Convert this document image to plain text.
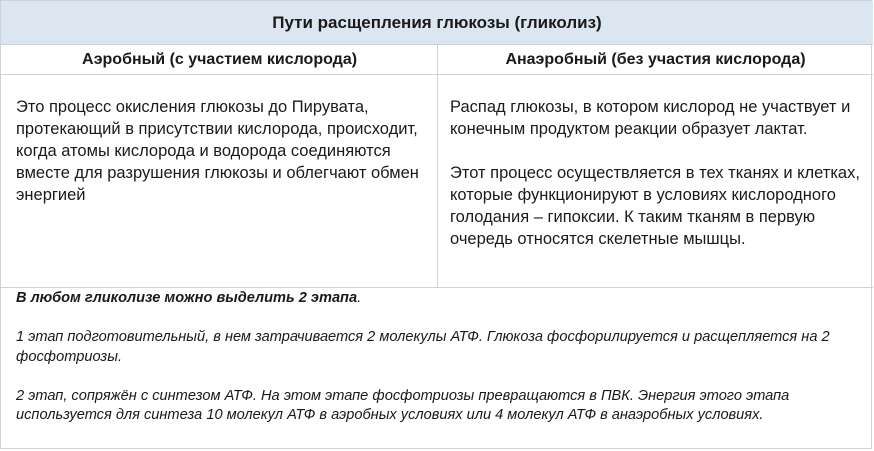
Пути расщепления глюкозы (гликолиз)
Аэробный (с участием кислорода)	Анаэробный (без участия кислорода)
Это процесс окисления глюкозы до Пирувата, протекающий в присутствии кислорода, происходит, когда атомы кислорода и водорода соединяются вместе для разрушения глюкозы и облегчают обмен энергией

Распад глюкозы, в котором кислород не участвует и конечным продуктом реакции образует лактат.

Этот процесс осуществляется в тех тканях и клетках, которые функционируют в условиях кислородного голодания – гипоксии. К таким тканям в первую очередь относятся скелетные мышцы.

В любом гликолизе можно выделить 2 этапа.

1 этап подготовительный, в нем затрачивается 2 молекулы АТФ. Глюкоза фосфорилируется и расщепляется на 2 фосфотриозы.

2 этап, сопряжён с синтезом АТФ. На этом этапе фосфотриозы превращаются в ПВК. Энергия этого этапа используется для синтеза 10 молекул АТФ в аэробных условиях или 4 молекул АТФ в анаэробных условиях.
